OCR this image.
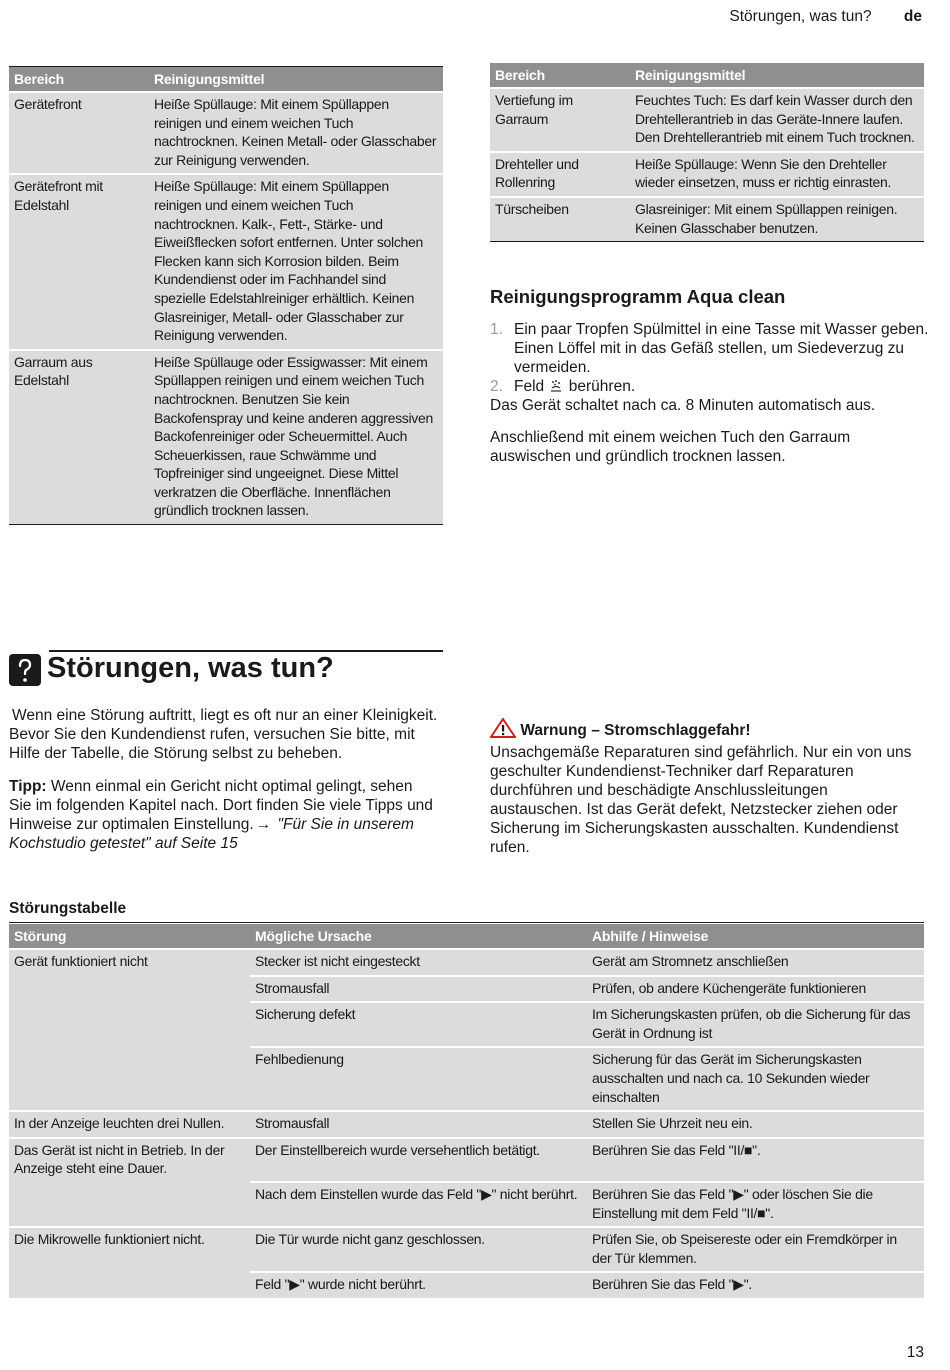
Störungen, was tun? de
Bereich	Reinigungsmittel
Gerätefront	Heiße Spüllauge: Mit einem Spüllappen reinigen und einem weichen Tuch nachtrocknen. Keinen Metall- oder Glasschaber zur Reinigung verwenden.
Gerätefront mit Edelstahl	Heiße Spüllauge: Mit einem Spüllappen reinigen und einem weichen Tuch nachtrocknen. Kalk-, Fett-, Stärke- und Eiweißflecken sofort entfernen. Unter solchen Flecken kann sich Korrosion bilden. Beim Kundendienst oder im Fachhandel sind spezielle Edelstahlreiniger erhältlich. Keinen Glasreiniger, Metall- oder Glasschaber zur Reinigung verwenden.
Garraum aus Edelstahl	Heiße Spüllauge oder Essigwasser: Mit einem Spüllappen reinigen und einem weichen Tuch nachtrocknen. Benutzen Sie kein Backofenspray und keine anderen aggressiven Backofenreiniger oder Scheuermittel. Auch Scheuerkissen, raue Schwämme und Topfreiniger sind ungeeignet. Diese Mittel verkratzen die Oberfläche. Innenflächen gründlich trocknen lassen.
Bereich	Reinigungsmittel
Vertiefung im Garraum	Feuchtes Tuch: Es darf kein Wasser durch den Drehtellerantrieb in das Geräte-Innere laufen. Den Drehtellerantrieb mit einem Tuch trocknen.
Drehteller und Rollenring	Heiße Spüllauge: Wenn Sie den Drehteller wieder einsetzen, muss er richtig einrasten.
Türscheiben	Glasreiniger: Mit einem Spüllappen reinigen. Keinen Glasschaber benutzen.
Reinigungsprogramm Aqua clean
1. Ein paar Tropfen Spülmittel in eine Tasse mit Wasser geben. Einen Löffel mit in das Gefäß stellen, um Siedeverzug zu vermeiden.
2. Feld berühren.
Das Gerät schaltet nach ca. 8 Minuten automatisch aus.
Anschließend mit einem weichen Tuch den Garraum auswischen und gründlich trocknen lassen.
Störungen, was tun?
Wenn eine Störung auftritt, liegt es oft nur an einer Kleinigkeit. Bevor Sie den Kundendienst rufen, versuchen Sie bitte, mit Hilfe der Tabelle, die Störung selbst zu beheben.
Tipp: Wenn einmal ein Gericht nicht optimal gelingt, sehen Sie im folgenden Kapitel nach. Dort finden Sie viele Tipps und Hinweise zur optimalen Einstellung. → "Für Sie in unserem Kochstudio getestet" auf Seite 15
Warnung – Stromschlaggefahr!
Unsachgemäße Reparaturen sind gefährlich. Nur ein von uns geschulter Kundendienst-Techniker darf Reparaturen durchführen und beschädigte Anschlussleitungen austauschen. Ist das Gerät defekt, Netzstecker ziehen oder Sicherung im Sicherungskasten ausschalten. Kundendienst rufen.
Störungstabelle
Störung	Mögliche Ursache	Abhilfe / Hinweise
Gerät funktioniert nicht	Stecker ist nicht eingesteckt	Gerät am Stromnetz anschließen
	Stromausfall	Prüfen, ob andere Küchengeräte funktionieren
	Sicherung defekt	Im Sicherungskasten prüfen, ob die Sicherung für das Gerät in Ordnung ist
	Fehlbedienung	Sicherung für das Gerät im Sicherungskasten ausschalten und nach ca. 10 Sekunden wieder einschalten
In der Anzeige leuchten drei Nullen.	Stromausfall	Stellen Sie Uhrzeit neu ein.
Das Gerät ist nicht in Betrieb. In der Anzeige steht eine Dauer.	Der Einstellbereich wurde versehentlich betätigt.	Berühren Sie das Feld "II/■".
	Nach dem Einstellen wurde das Feld "▶" nicht berührt.	Berühren Sie das Feld "▶" oder löschen Sie die Einstellung mit dem Feld "II/■".
Die Mikrowelle funktioniert nicht.	Die Tür wurde nicht ganz geschlossen.	Prüfen Sie, ob Speisereste oder ein Fremdkörper in der Tür klemmen.
	Feld "▶" wurde nicht berührt.	Berühren Sie das Feld "▶".
13
